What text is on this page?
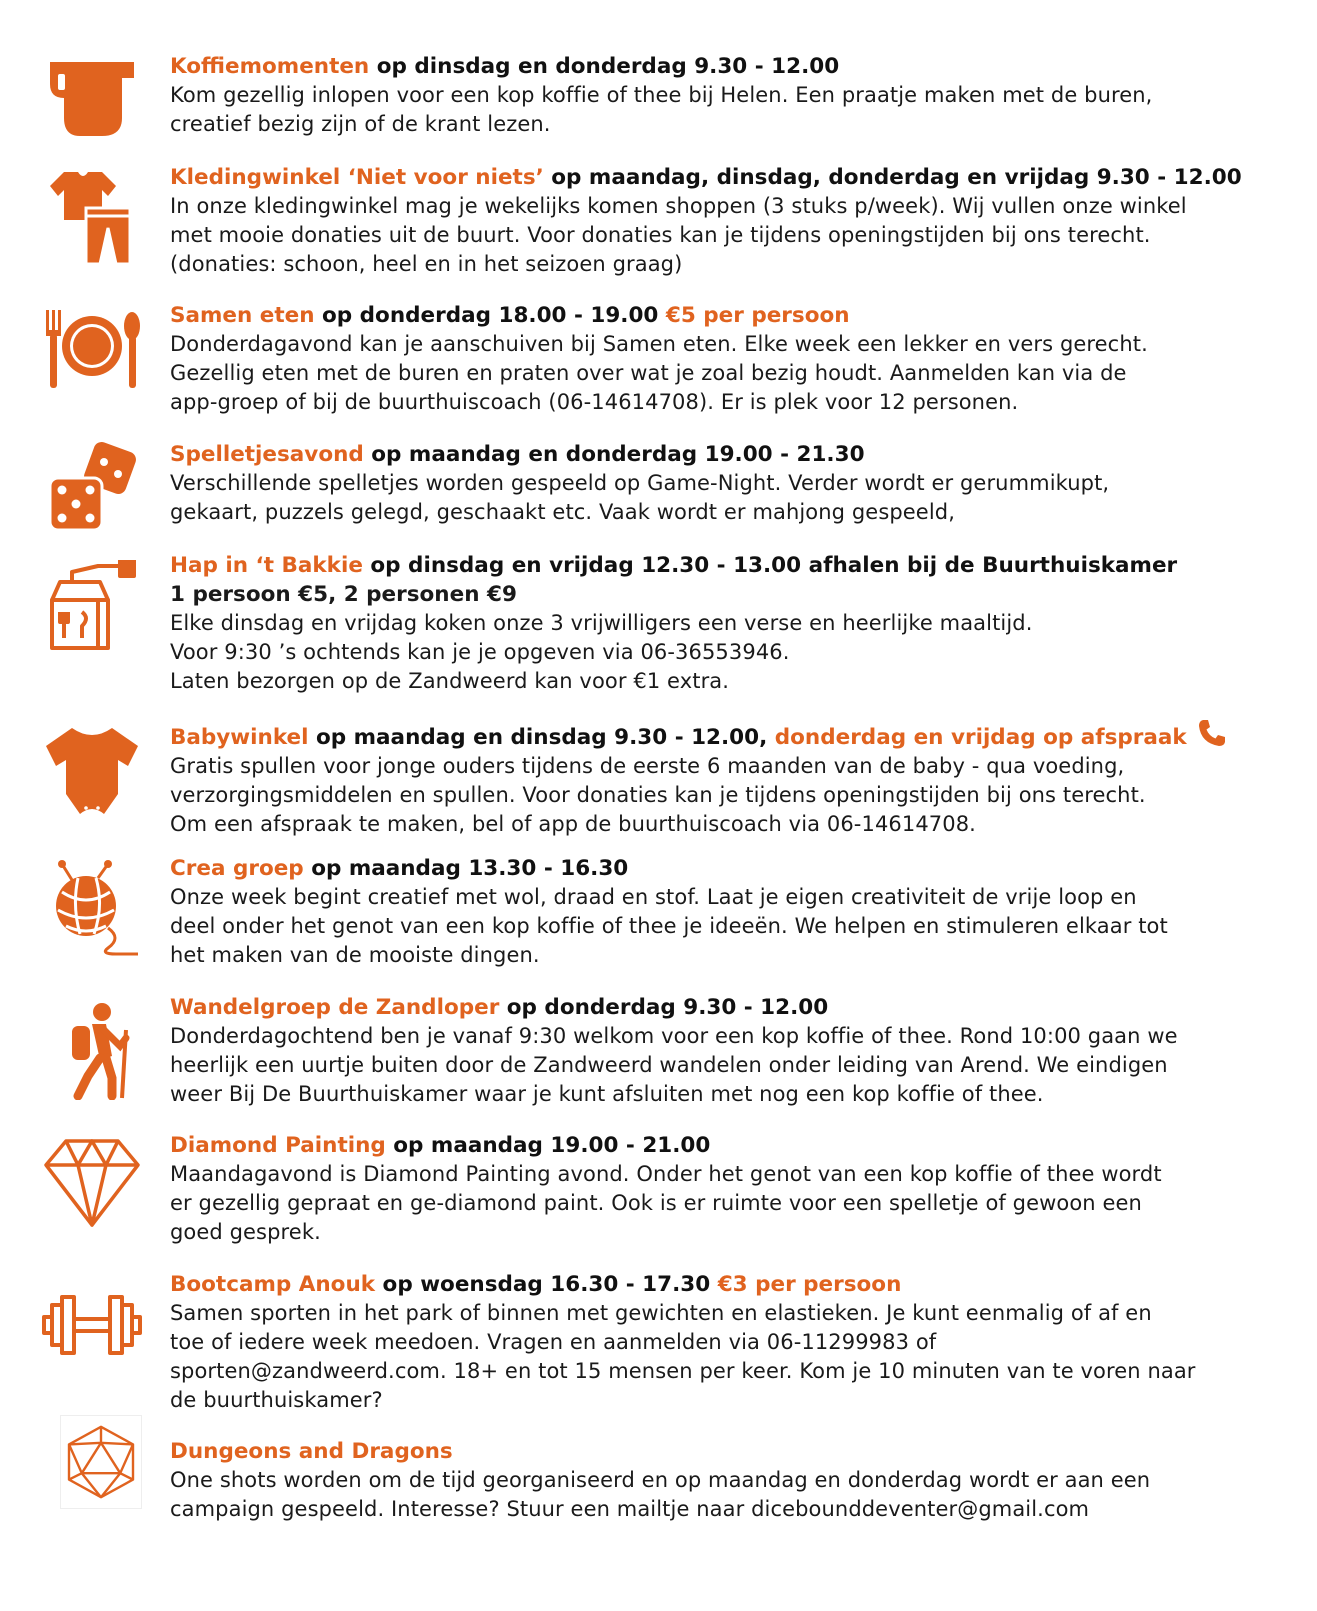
Koffiemomenten op dinsdag en donderdag 9.30 - 12.00
Kom gezellig inlopen voor een kop koffie of thee bij Helen. Een praatje maken met de buren,
creatief bezig zijn of de krant lezen.
Kledingwinkel ‘Niet voor niets’ op maandag, dinsdag, donderdag en vrijdag 9.30 - 12.00
In onze kledingwinkel mag je wekelijks komen shoppen (3 stuks p/week). Wij vullen onze winkel
met mooie donaties uit de buurt. Voor donaties kan je tijdens openingstijden bij ons terecht.
(donaties: schoon, heel en in het seizoen graag)
Samen eten op donderdag 18.00 - 19.00 €5 per persoon
Donderdagavond kan je aanschuiven bij Samen eten. Elke week een lekker en vers gerecht.
Gezellig eten met de buren en praten over wat je zoal bezig houdt. Aanmelden kan via de
app-groep of bij de buurthuiscoach (06-14614708). Er is plek voor 12 personen.
Spelletjesavond op maandag en donderdag 19.00 - 21.30
Verschillende spelletjes worden gespeeld op Game-Night. Verder wordt er gerummikupt,
gekaart, puzzels gelegd, geschaakt etc. Vaak wordt er mahjong gespeeld,
Hap in ‘t Bakkie op dinsdag en vrijdag 12.30 - 13.00 afhalen bij de Buurthuiskamer
1 persoon €5, 2 personen €9
Elke dinsdag en vrijdag koken onze 3 vrijwilligers een verse en heerlijke maaltijd.
Voor 9:30 ’s ochtends kan je je opgeven via 06-36553946.
Laten bezorgen op de Zandweerd kan voor €1 extra.
Babywinkel op maandag en dinsdag 9.30 - 12.00, donderdag en vrijdag op afspraak
Gratis spullen voor jonge ouders tijdens de eerste 6 maanden van de baby - qua voeding,
verzorgingsmiddelen en spullen. Voor donaties kan je tijdens openingstijden bij ons terecht.
Om een afspraak te maken, bel of app de buurthuiscoach via 06-14614708.
Crea groep op maandag 13.30 - 16.30
Onze week begint creatief met wol, draad en stof. Laat je eigen creativiteit de vrije loop en
deel onder het genot van een kop koffie of thee je ideeën. We helpen en stimuleren elkaar tot
het maken van de mooiste dingen.
Wandelgroep de Zandloper op donderdag 9.30 - 12.00
Donderdagochtend ben je vanaf 9:30 welkom voor een kop koffie of thee. Rond 10:00 gaan we
heerlijk een uurtje buiten door de Zandweerd wandelen onder leiding van Arend. We eindigen
weer Bij De Buurthuiskamer waar je kunt afsluiten met nog een kop koffie of thee.
Diamond Painting op maandag 19.00 - 21.00
Maandagavond is Diamond Painting avond. Onder het genot van een kop koffie of thee wordt
er gezellig gepraat en ge-diamond paint. Ook is er ruimte voor een spelletje of gewoon een
goed gesprek.
Bootcamp Anouk op woensdag 16.30 - 17.30 €3 per persoon
Samen sporten in het park of binnen met gewichten en elastieken. Je kunt eenmalig of af en
toe of iedere week meedoen. Vragen en aanmelden via 06-11299983 of
sporten@zandweerd.com. 18+ en tot 15 mensen per keer. Kom je 10 minuten van te voren naar
de buurthuiskamer?
Dungeons and Dragons
One shots worden om de tijd georganiseerd en op maandag en donderdag wordt er aan een
campaign gespeeld. Interesse? Stuur een mailtje naar dicebounddeventer@gmail.com
